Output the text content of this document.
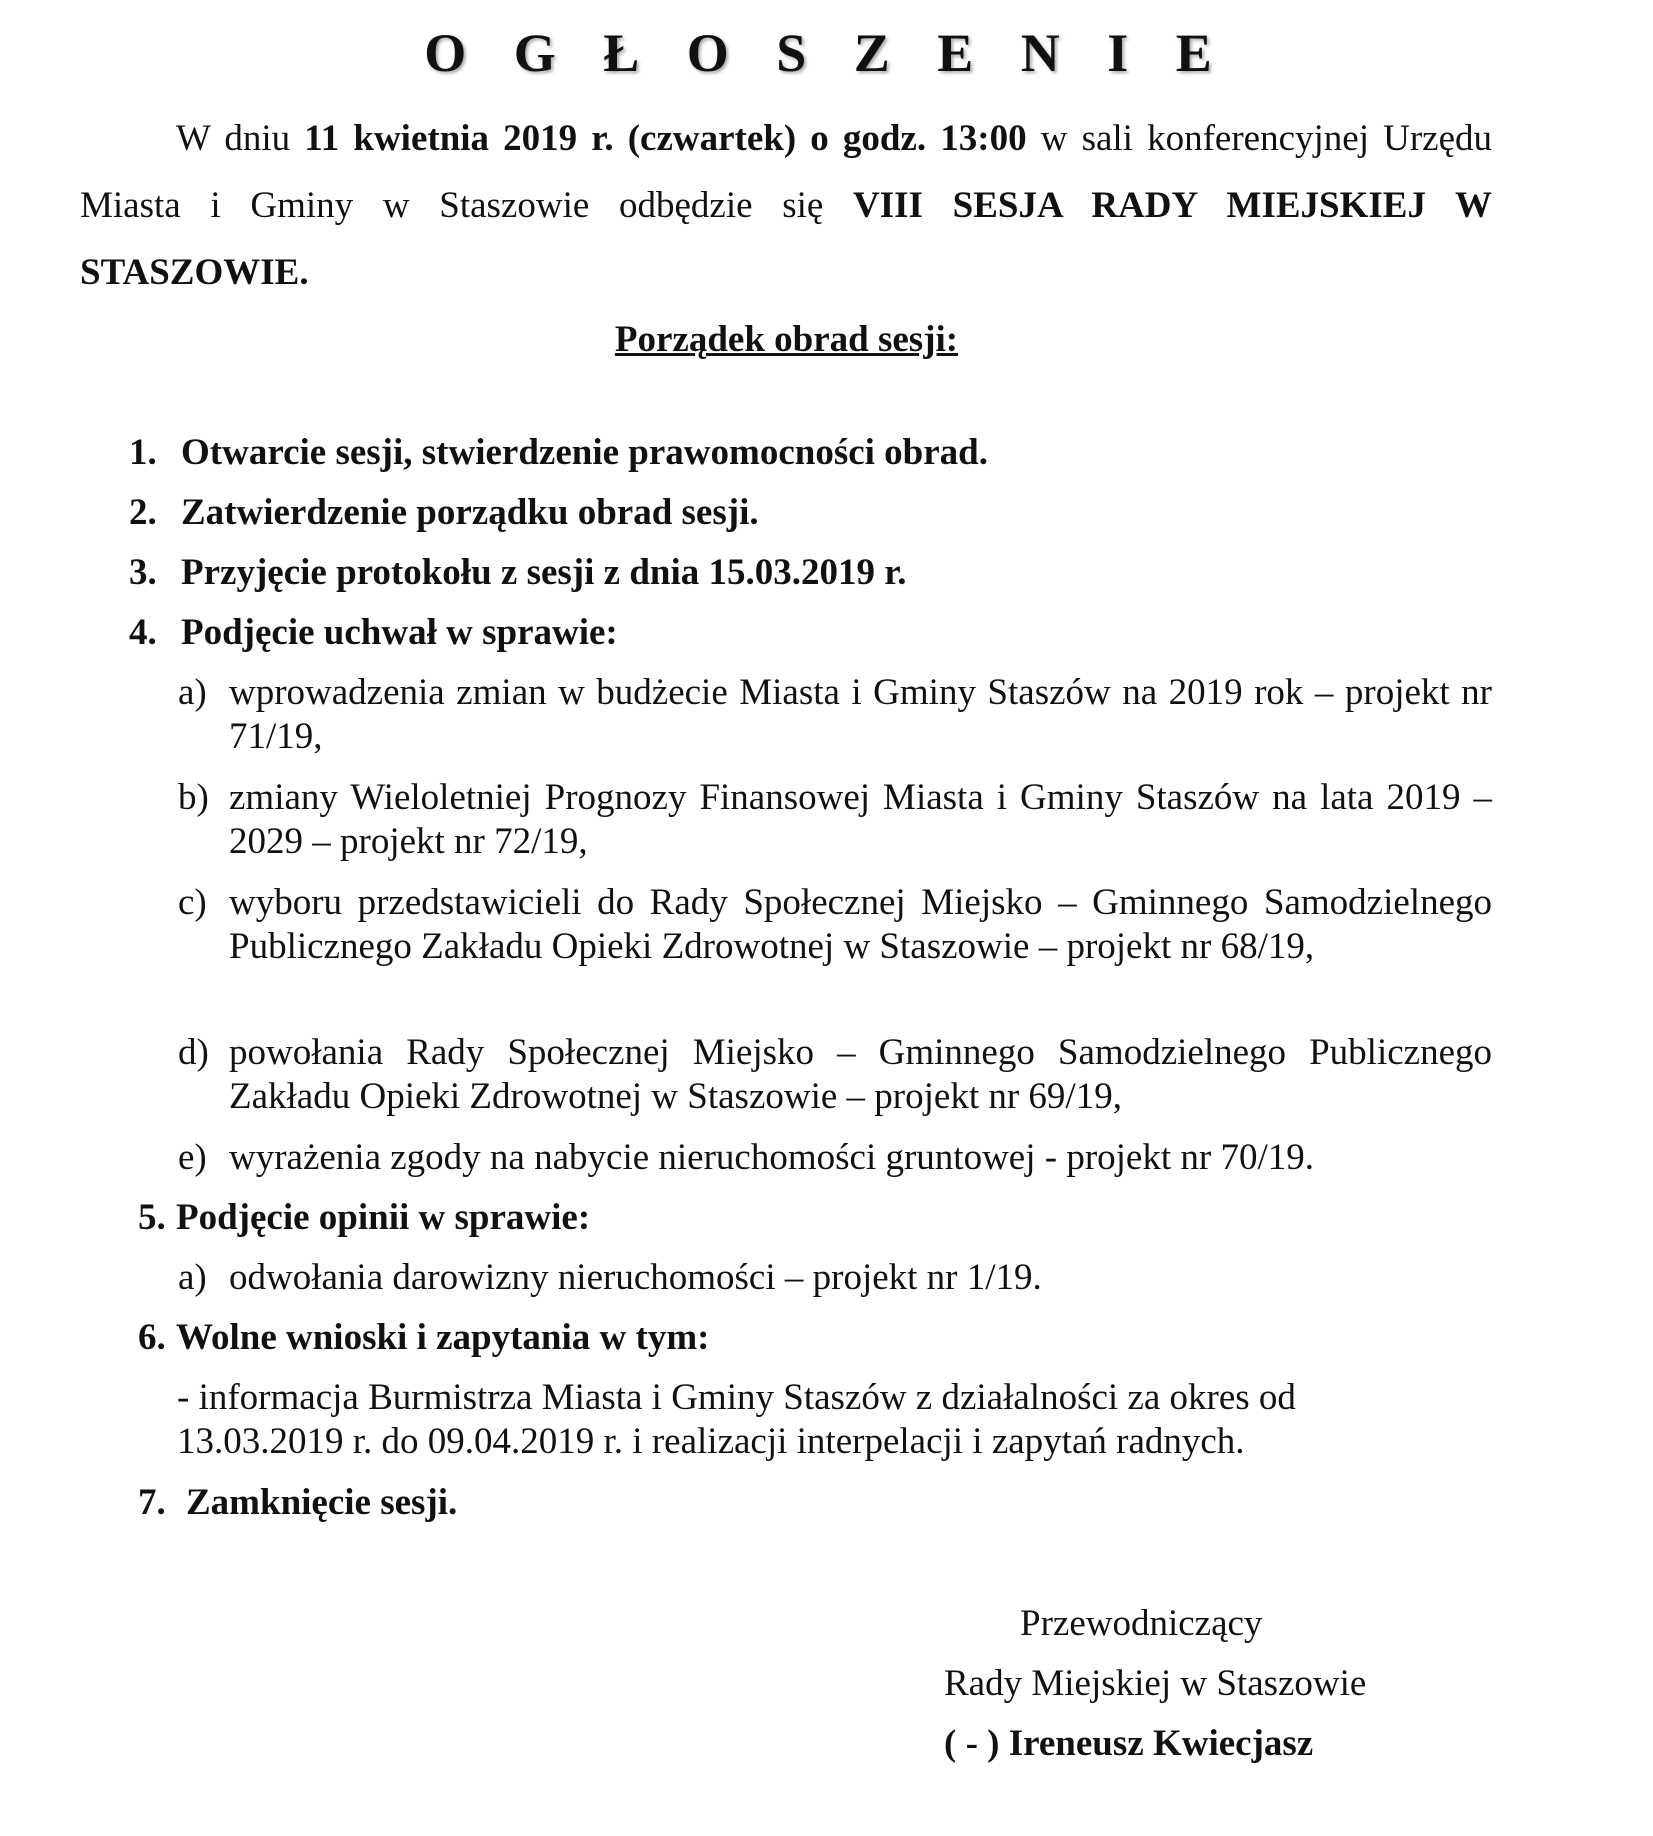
O G Ł O S Z E N I E
W dniu 11 kwietnia 2019 r. (czwartek) o godz. 13:00 w sali konferencyjnej Urzędu Miasta i Gminy w Staszowie odbędzie się VIII SESJA RADY MIEJSKIEJ W STASZOWIE.
Porządek obrad sesji:
1. Otwarcie sesji, stwierdzenie prawomocności obrad.
2. Zatwierdzenie porządku obrad sesji.
3. Przyjęcie protokołu z sesji z dnia 15.03.2019 r.
4. Podjęcie uchwał w sprawie:
a) wprowadzenia zmian w budżecie Miasta i Gminy Staszów na 2019 rok – projekt nr 71/19,
b) zmiany Wieloletniej Prognozy Finansowej Miasta i Gminy Staszów na lata 2019 – 2029 – projekt nr 72/19,
c) wyboru przedstawicieli do Rady Społecznej Miejsko – Gminnego Samodzielnego Publicznego Zakładu Opieki Zdrowotnej w Staszowie – projekt nr 68/19,
d) powołania Rady Społecznej Miejsko – Gminnego Samodzielnego Publicznego Zakładu Opieki Zdrowotnej w Staszowie – projekt nr 69/19,
e) wyrażenia zgody na nabycie nieruchomości gruntowej - projekt nr 70/19.
5. Podjęcie opinii w sprawie:
a) odwołania darowizny nieruchomości – projekt nr 1/19.
6. Wolne wnioski i zapytania w tym:
- informacja Burmistrza Miasta i Gminy Staszów z działalności za okres od 13.03.2019 r. do 09.04.2019 r. i realizacji interpelacji i zapytań radnych.
7. Zamknięcie sesji.
Przewodniczący
Rady Miejskiej w Staszowie
( - ) Ireneusz Kwiecjasz
